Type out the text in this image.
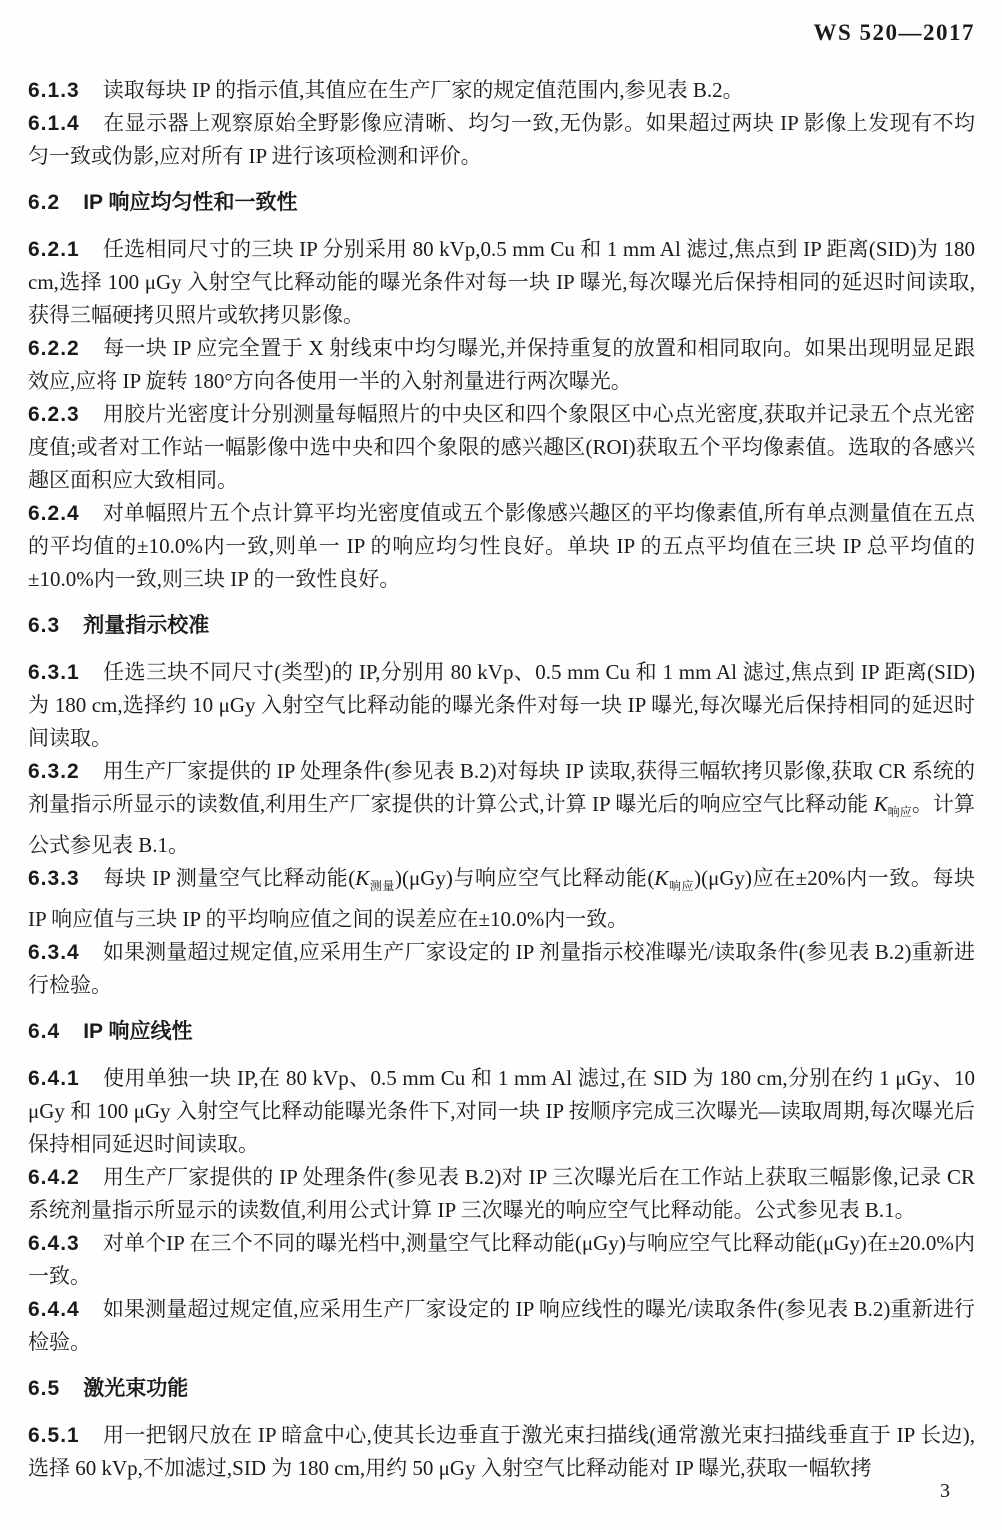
WS 520—2017

6.1.3 读取每块 IP 的指示值,其值应在生产厂家的规定值范围内,参见表 B.2。

6.1.4 在显示器上观察原始全野影像应清晰、均匀一致,无伪影。如果超过两块 IP 影像上发现有不均匀一致或伪影,应对所有 IP 进行该项检测和评价。

6.2 IP 响应均匀性和一致性

6.2.1 任选相同尺寸的三块 IP 分别采用 80 kVp,0.5 mm Cu 和 1 mm Al 滤过,焦点到 IP 距离(SID)为 180 cm,选择 100 μGy 入射空气比释动能的曝光条件对每一块 IP 曝光,每次曝光后保持相同的延迟时间读取,获得三幅硬拷贝照片或软拷贝影像。

6.2.2 每一块 IP 应完全置于 X 射线束中均匀曝光,并保持重复的放置和相同取向。如果出现明显足跟效应,应将 IP 旋转 180°方向各使用一半的入射剂量进行两次曝光。

6.2.3 用胶片光密度计分别测量每幅照片的中央区和四个象限区中心点光密度,获取并记录五个点光密度值;或者对工作站一幅影像中选中央和四个象限的感兴趣区(ROI)获取五个平均像素值。选取的各感兴趣区面积应大致相同。

6.2.4 对单幅照片五个点计算平均光密度值或五个影像感兴趣区的平均像素值,所有单点测量值在五点的平均值的±10.0%内一致,则单一 IP 的响应均匀性良好。单块 IP 的五点平均值在三块 IP 总平均值的±10.0%内一致,则三块 IP 的一致性良好。

6.3 剂量指示校准

6.3.1 任选三块不同尺寸(类型)的 IP,分别用 80 kVp、0.5 mm Cu 和 1 mm Al 滤过,焦点到 IP 距离(SID)为 180 cm,选择约 10 μGy 入射空气比释动能的曝光条件对每一块 IP 曝光,每次曝光后保持相同的延迟时间读取。

6.3.2 用生产厂家提供的 IP 处理条件(参见表 B.2)对每块 IP 读取,获得三幅软拷贝影像,获取 CR 系统的剂量指示所显示的读数值,利用生产厂家提供的计算公式,计算 IP 曝光后的响应空气比释动能 $K_{响应}$。计算公式参见表 B.1。

6.3.3 每块 IP 测量空气比释动能$(K_{测量})(\mu Gy)$与响应空气比释动能$(K_{响应})(\mu Gy)$应在±20%内一致。每块 IP 响应值与三块 IP 的平均响应值之间的误差应在±10.0%内一致。

6.3.4 如果测量超过规定值,应采用生产厂家设定的 IP 剂量指示校准曝光/读取条件(参见表 B.2)重新进行检验。

6.4 IP 响应线性

6.4.1 使用单独一块 IP,在 80 kVp、0.5 mm Cu 和 1 mm Al 滤过,在 SID 为 180 cm,分别在约 1 μGy、10 μGy 和 100 μGy 入射空气比释动能曝光条件下,对同一块 IP 按顺序完成三次曝光—读取周期,每次曝光后保持相同延迟时间读取。

6.4.2 用生产厂家提供的 IP 处理条件(参见表 B.2)对 IP 三次曝光后在工作站上获取三幅影像,记录 CR 系统剂量指示所显示的读数值,利用公式计算 IP 三次曝光的响应空气比释动能。公式参见表 B.1。

6.4.3 对单个IP 在三个不同的曝光档中,测量空气比释动能(μGy)与响应空气比释动能(μGy)在±20.0%内一致。

6.4.4 如果测量超过规定值,应采用生产厂家设定的 IP 响应线性的曝光/读取条件(参见表 B.2)重新进行检验。

6.5 激光束功能

6.5.1 用一把钢尺放在 IP 暗盒中心,使其长边垂直于激光束扫描线(通常激光束扫描线垂直于 IP 长边),选择 60 kVp,不加滤过,SID 为 180 cm,用约 50 μGy 入射空气比释动能对 IP 曝光,获取一幅软拷

3
